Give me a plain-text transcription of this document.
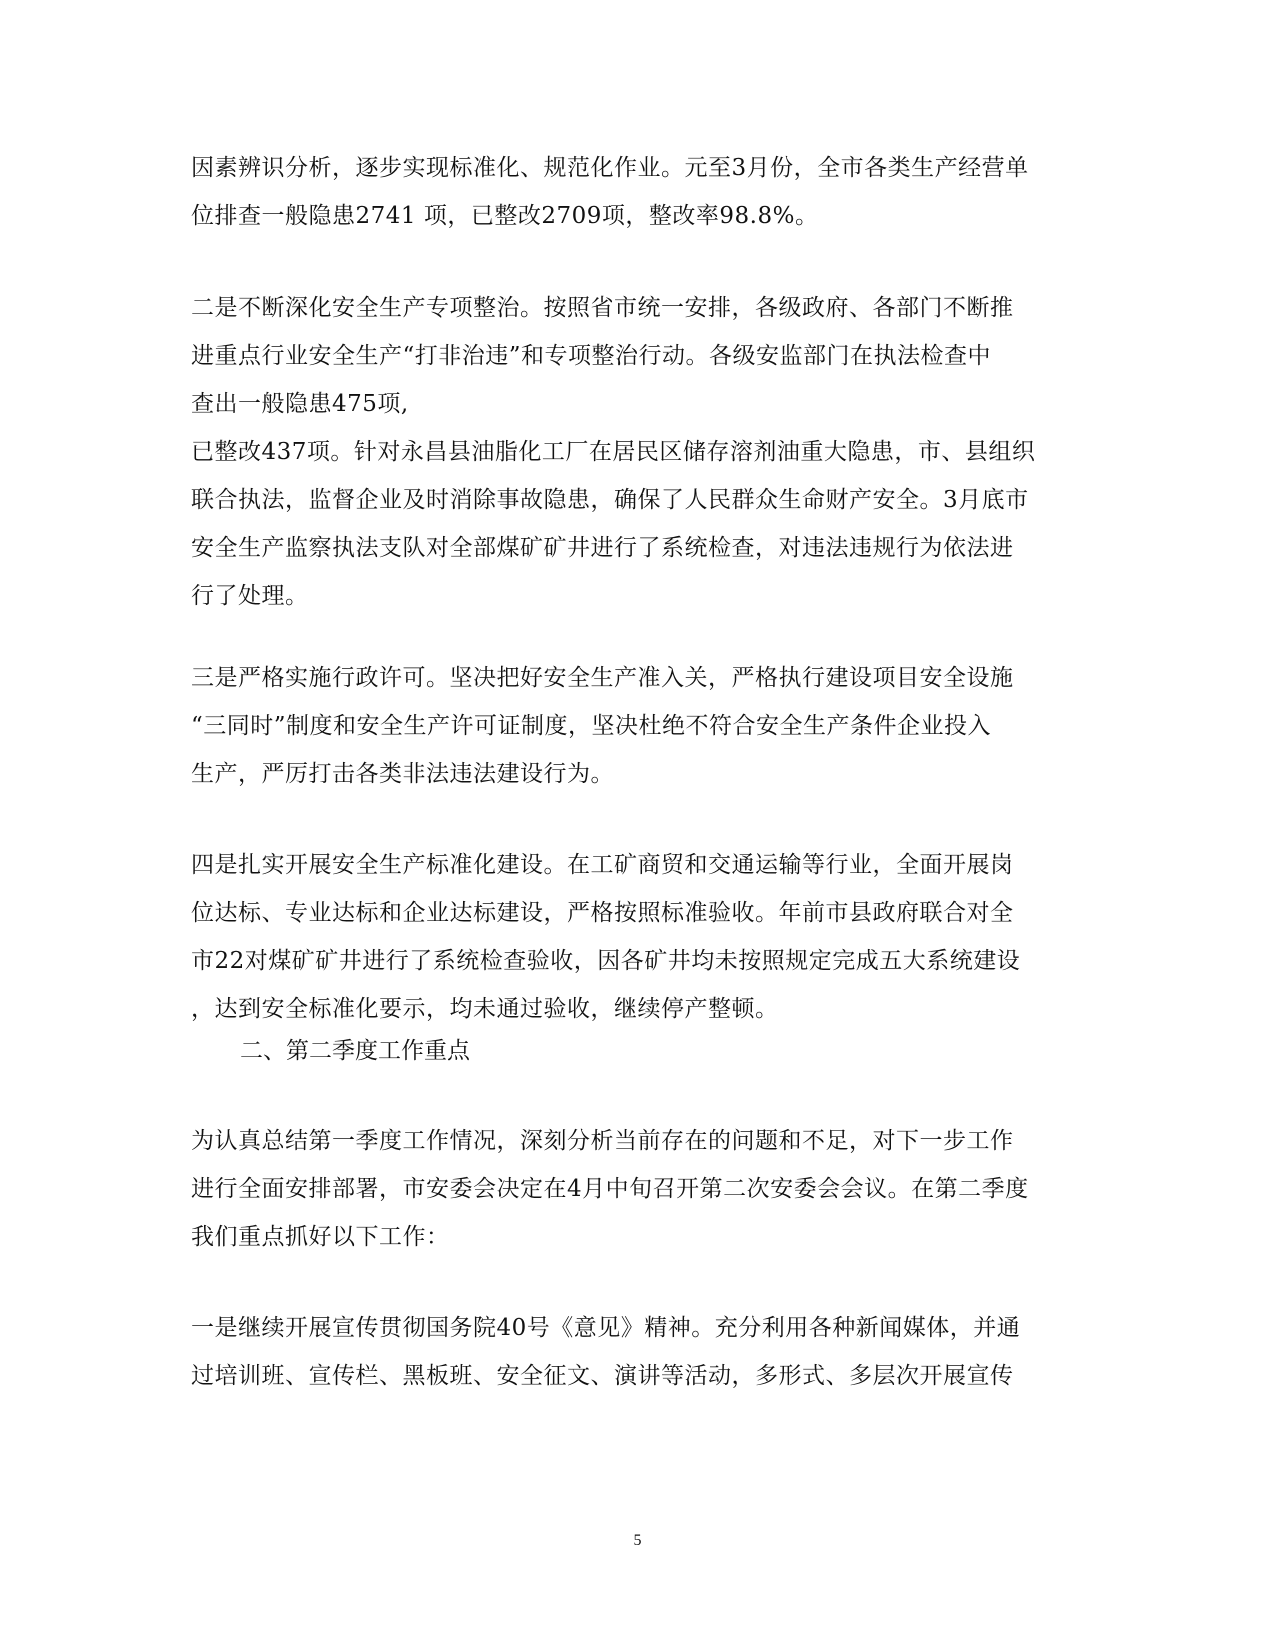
因素辨识分析，逐步实现标准化、规范化作业。元至3月份，全市各类生产经营单
位排查一般隐患2741 项，已整改2709项，整改率98.8%。
二是不断深化安全生产专项整治。按照省市统一安排，各级政府、各部门不断推
进重点行业安全生产“打非治违”和专项整治行动。各级安监部门在执法检查中
查出一般隐患475项,
已整改437项。针对永昌县油脂化工厂在居民区储存溶剂油重大隐患，市、县组织
联合执法，监督企业及时消除事故隐患，确保了人民群众生命财产安全。3月底市
安全生产监察执法支队对全部煤矿矿井进行了系统检查，对违法违规行为依法进
行了处理。
三是严格实施行政许可。坚决把好安全生产准入关，严格执行建设项目安全设施
“三同时”制度和安全生产许可证制度，坚决杜绝不符合安全生产条件企业投入
生产，严厉打击各类非法违法建设行为。
四是扎实开展安全生产标准化建设。在工矿商贸和交通运输等行业，全面开展岗
位达标、专业达标和企业达标建设，严格按照标准验收。年前市县政府联合对全
市22对煤矿矿井进行了系统检查验收，因各矿井均未按照规定完成五大系统建设
，达到安全标准化要示，均未通过验收，继续停产整顿。
二、第二季度工作重点
为认真总结第一季度工作情况，深刻分析当前存在的问题和不足，对下一步工作
进行全面安排部署，市安委会决定在4月中旬召开第二次安委会会议。在第二季度
我们重点抓好以下工作：
一是继续开展宣传贯彻国务院40号《意见》精神。充分利用各种新闻媒体，并通
过培训班、宣传栏、黑板班、安全征文、演讲等活动，多形式、多层次开展宣传
5
